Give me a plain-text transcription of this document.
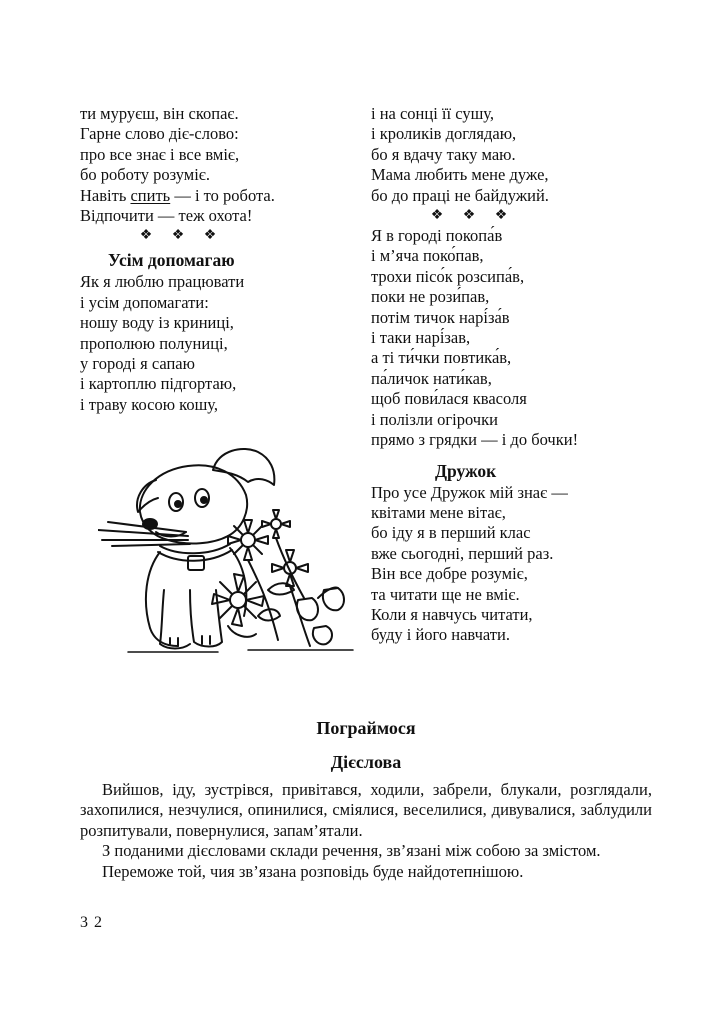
ти муруєш, він скопає.
Гарне слово діє-слово:
про все знає і все вміє,
бо роботу розуміє.
Навіть спить — і то робота.
Відпочити — теж охота!
❖ ❖ ❖
Усім допомагаю
Як я люблю працювати
і усім допомагати:
ношу воду із криниці,
прополюю полуниці,
у городі я сапаю
і картоплю підгортаю,
і траву косою кошу,
і на сонці її сушу,
і кроликів доглядаю,
бо я вдачу таку маю.
Мама любить мене дуже,
бо до праці не байдужий.
❖ ❖ ❖
Я в городі покопа́в
і м’яча поко́пав,
трохи пісо́к розсипа́в,
поки не рози́пав,
потім тичок нарі́за́в
і таки нарі́зав,
а ті ти́чки повтика́в,
па́личок нати́кав,
щоб пови́лася квасоля
і полізли огірочки
прямо з грядки — і до бочки!
Дружок
Про усе Дружок мій знає —
квітами мене вітає,
бо іду я в перший клас
вже сьогодні, перший раз.
Він все добре розуміє,
та читати ще не вміє.
Коли я навчусь читати,
буду і його навчати.
Пограймося
Дієслова

Вийшов, іду, зустрівся, привітався, ходили, забрели, блукали, розглядали, захопилися, незчулися, опинилися, сміялися, веселилися, дивувалися, заблудили розпитували, повернулися, запам’ятали.

З поданими дієсловами склади речення, зв’язані між собою за змістом.

Переможе той, чия зв’язана розповідь буде найдотепнішою.

32
